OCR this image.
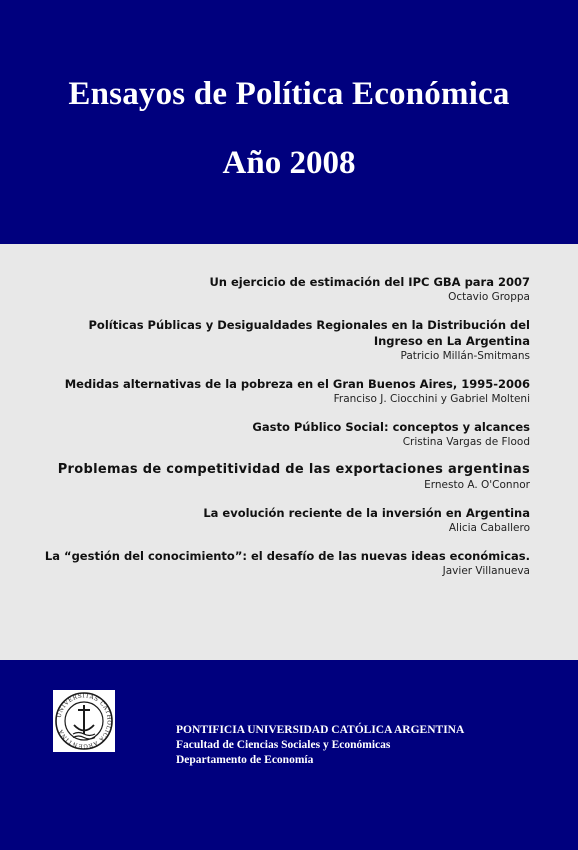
Ensayos de Política Económica
Año 2008
Un ejercicio de estimación del IPC GBA para 2007
Octavio Groppa
Políticas Públicas y Desigualdades Regionales en la Distribución del Ingreso en La Argentina
Patricio Millán-Smitmans
Medidas alternativas de la pobreza en el Gran Buenos Aires, 1995-2006
Franciso J. Ciocchini y Gabriel Molteni
Gasto Público Social: conceptos y alcances
Cristina Vargas de Flood
Problemas de competitividad de las exportaciones argentinas
Ernesto A. O'Connor
La evolución reciente de la inversión en Argentina
Alicia Caballero
La “gestión del conocimiento”: el desafío de las nuevas ideas económicas.
Javier Villanueva
UNIVERSITAS CATHOLICA ARGENTINA	PONTIFICIA UNIVERSIDAD CATÓLICA ARGENTINA
Facultad de Ciencias Sociales y Económicas
Departamento de Economía
